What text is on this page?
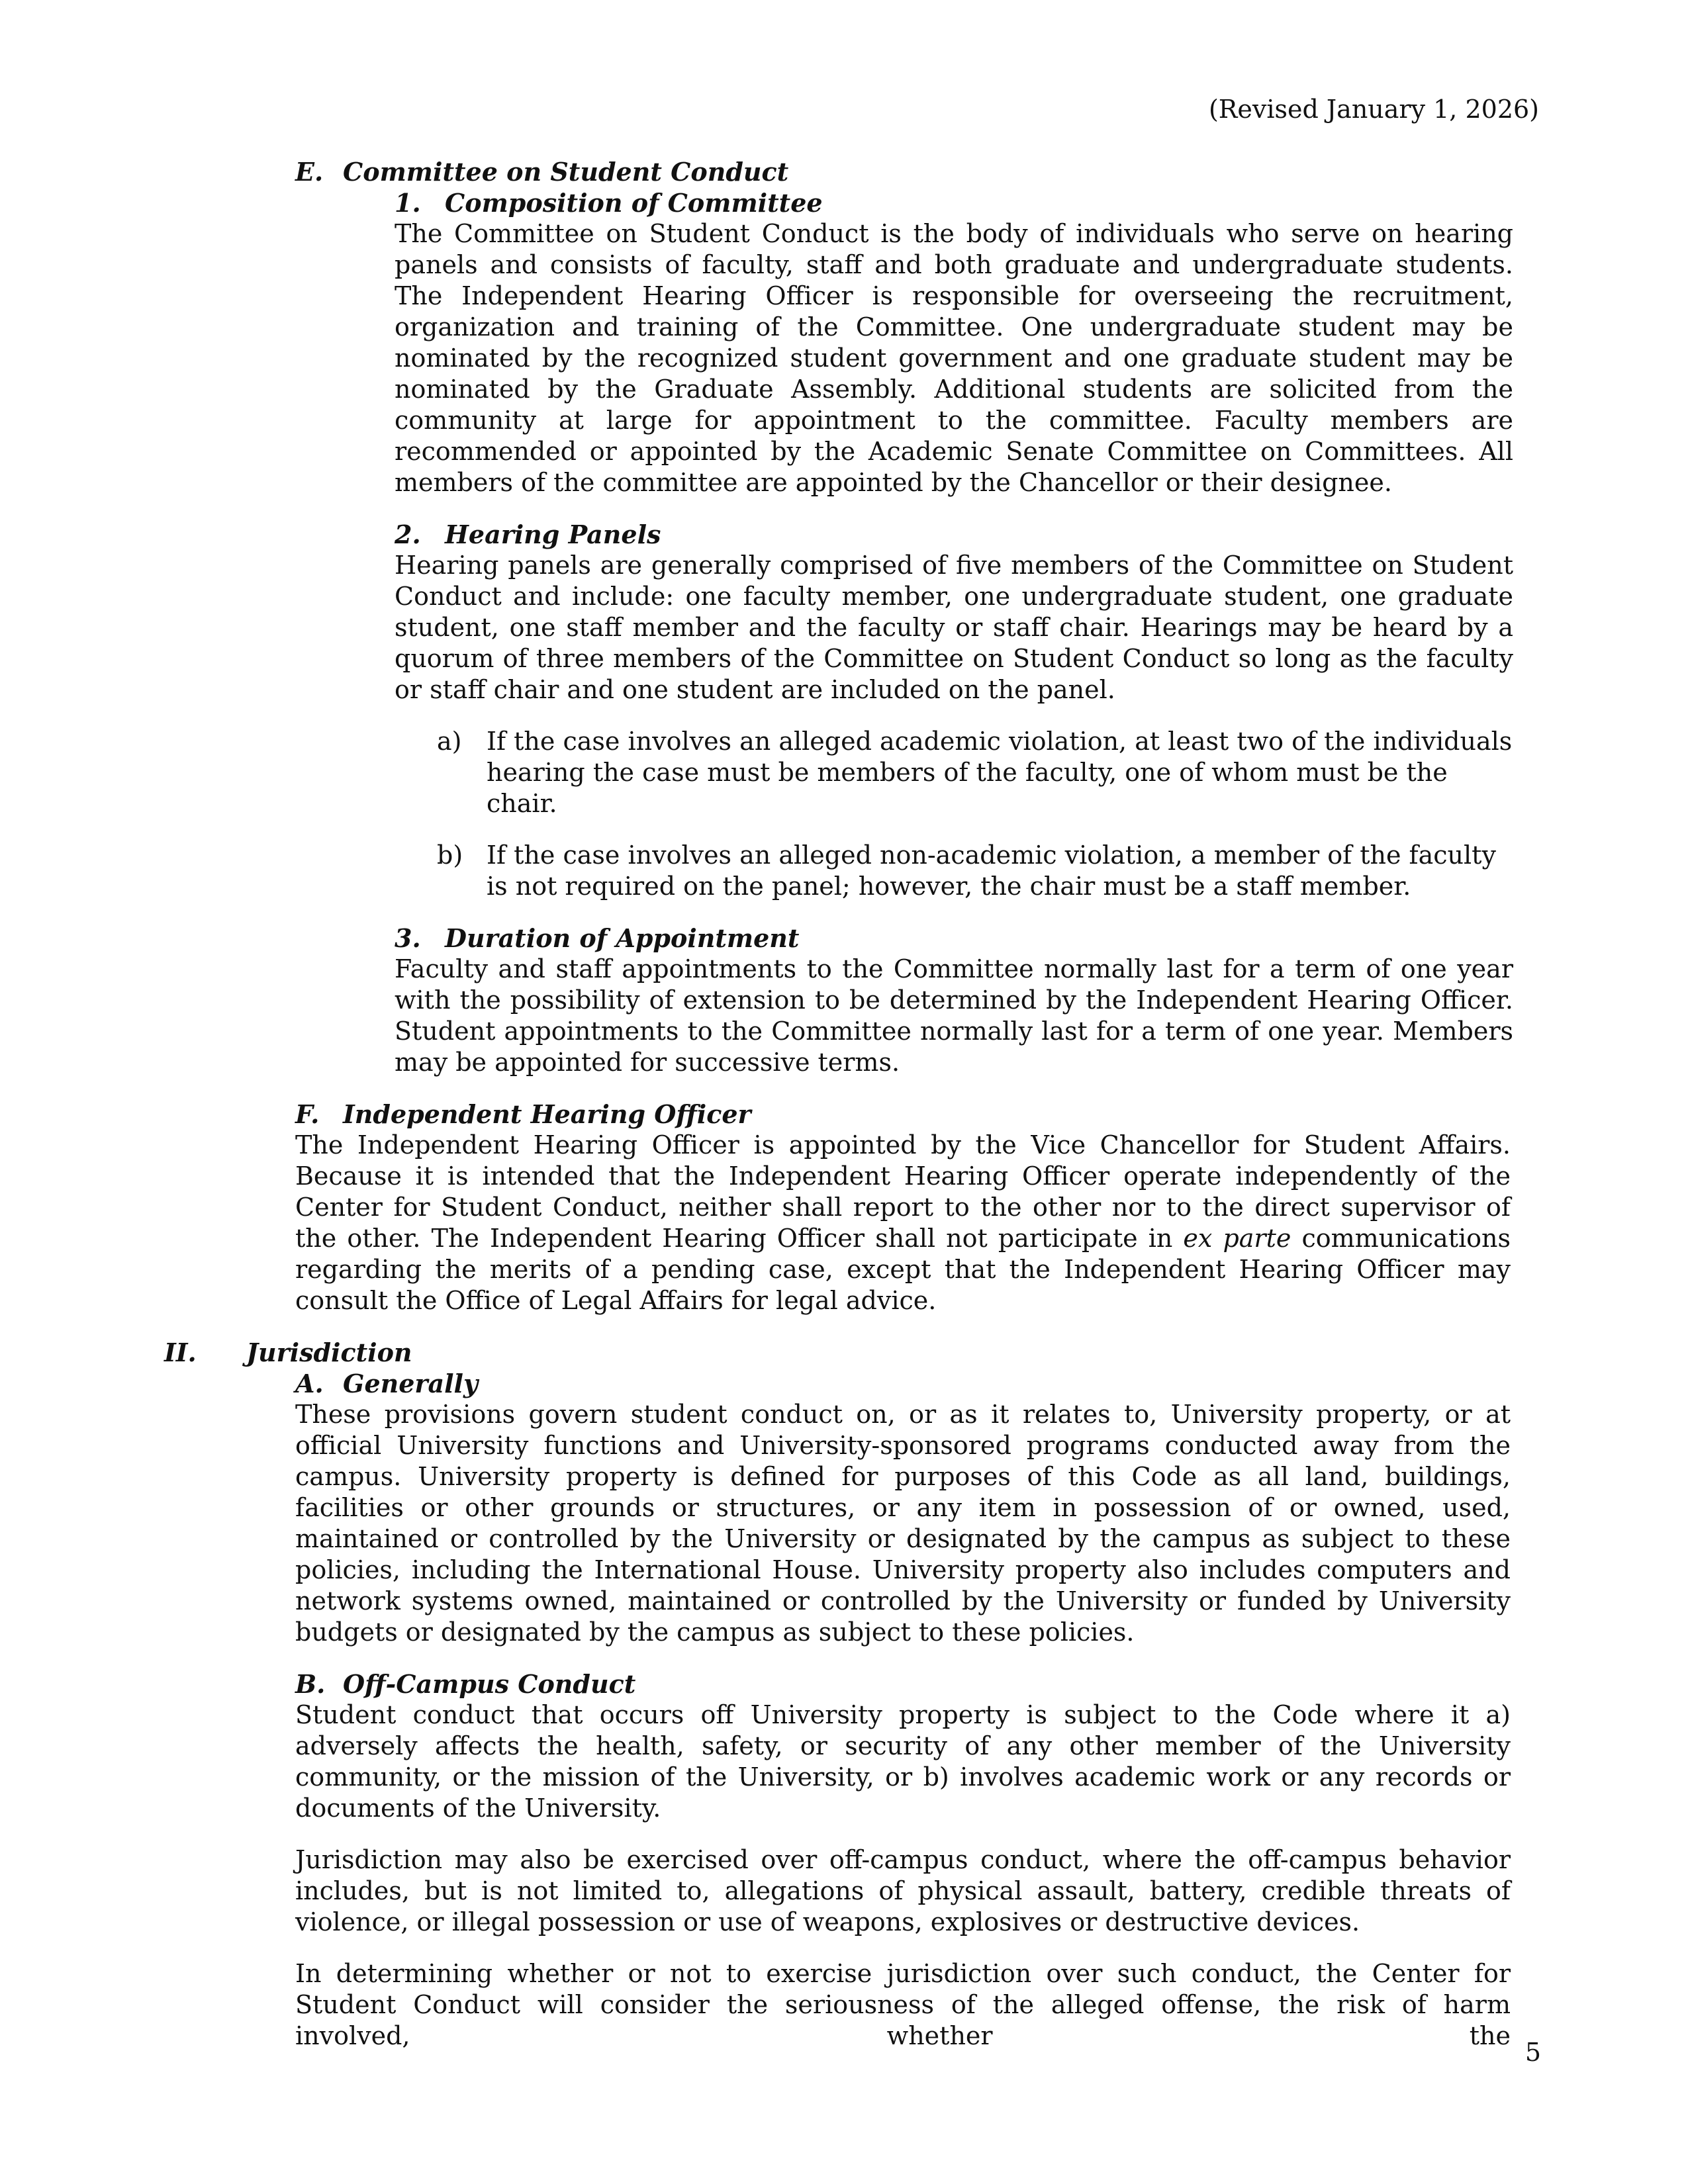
(Revised January 1, 2026)
E. Committee on Student Conduct
1. Composition of Committee

The Committee on Student Conduct is the body of individuals who serve on hearing panels and consists of faculty, staff and both graduate and undergraduate students. The Independent Hearing Officer is responsible for overseeing the recruitment, organization and training of the Committee. One undergraduate student may be nominated by the recognized student government and one graduate student may be nominated by the Graduate Assembly. Additional students are solicited from the community at large for appointment to the committee. Faculty members are recommended or appointed by the Academic Senate Committee on Committees. All members of the committee are appointed by the Chancellor or their designee.

2. Hearing Panels

Hearing panels are generally comprised of five members of the Committee on Student Conduct and include: one faculty member, one undergraduate student, one graduate student, one staff member and the faculty or staff chair. Hearings may be heard by a quorum of three members of the Committee on Student Conduct so long as the faculty or staff chair and one student are included on the panel.

a) If the case involves an alleged academic violation, at least two of the individuals hearing the case must be members of the faculty, one of whom must be the chair.

b) If the case involves an alleged non-academic violation, a member of the faculty is not required on the panel; however, the chair must be a staff member.

3. Duration of Appointment

Faculty and staff appointments to the Committee normally last for a term of one year with the possibility of extension to be determined by the Independent Hearing Officer. Student appointments to the Committee normally last for a term of one year. Members may be appointed for successive terms.

F. Independent Hearing Officer

The Independent Hearing Officer is appointed by the Vice Chancellor for Student Affairs. Because it is intended that the Independent Hearing Officer operate independently of the Center for Student Conduct, neither shall report to the other nor to the direct supervisor of the other. The Independent Hearing Officer shall not participate in ex parte communications regarding the merits of a pending case, except that the Independent Hearing Officer may consult the Office of Legal Affairs for legal advice.

II. Jurisdiction
A. Generally

These provisions govern student conduct on, or as it relates to, University property, or at official University functions and University-sponsored programs conducted away from the campus. University property is defined for purposes of this Code as all land, buildings, facilities or other grounds or structures, or any item in possession of or owned, used, maintained or controlled by the University or designated by the campus as subject to these policies, including the International House. University property also includes computers and network systems owned, maintained or controlled by the University or funded by University budgets or designated by the campus as subject to these policies.

B. Off-Campus Conduct

Student conduct that occurs off University property is subject to the Code where it a) adversely affects the health, safety, or security of any other member of the University community, or the mission of the University, or b) involves academic work or any records or documents of the University.

Jurisdiction may also be exercised over off-campus conduct, where the off-campus behavior includes, but is not limited to, allegations of physical assault, battery, credible threats of violence, or illegal possession or use of weapons, explosives or destructive devices.

In determining whether or not to exercise jurisdiction over such conduct, the Center for Student Conduct will consider the seriousness of the alleged offense, the risk of harm involved, whether the

5
